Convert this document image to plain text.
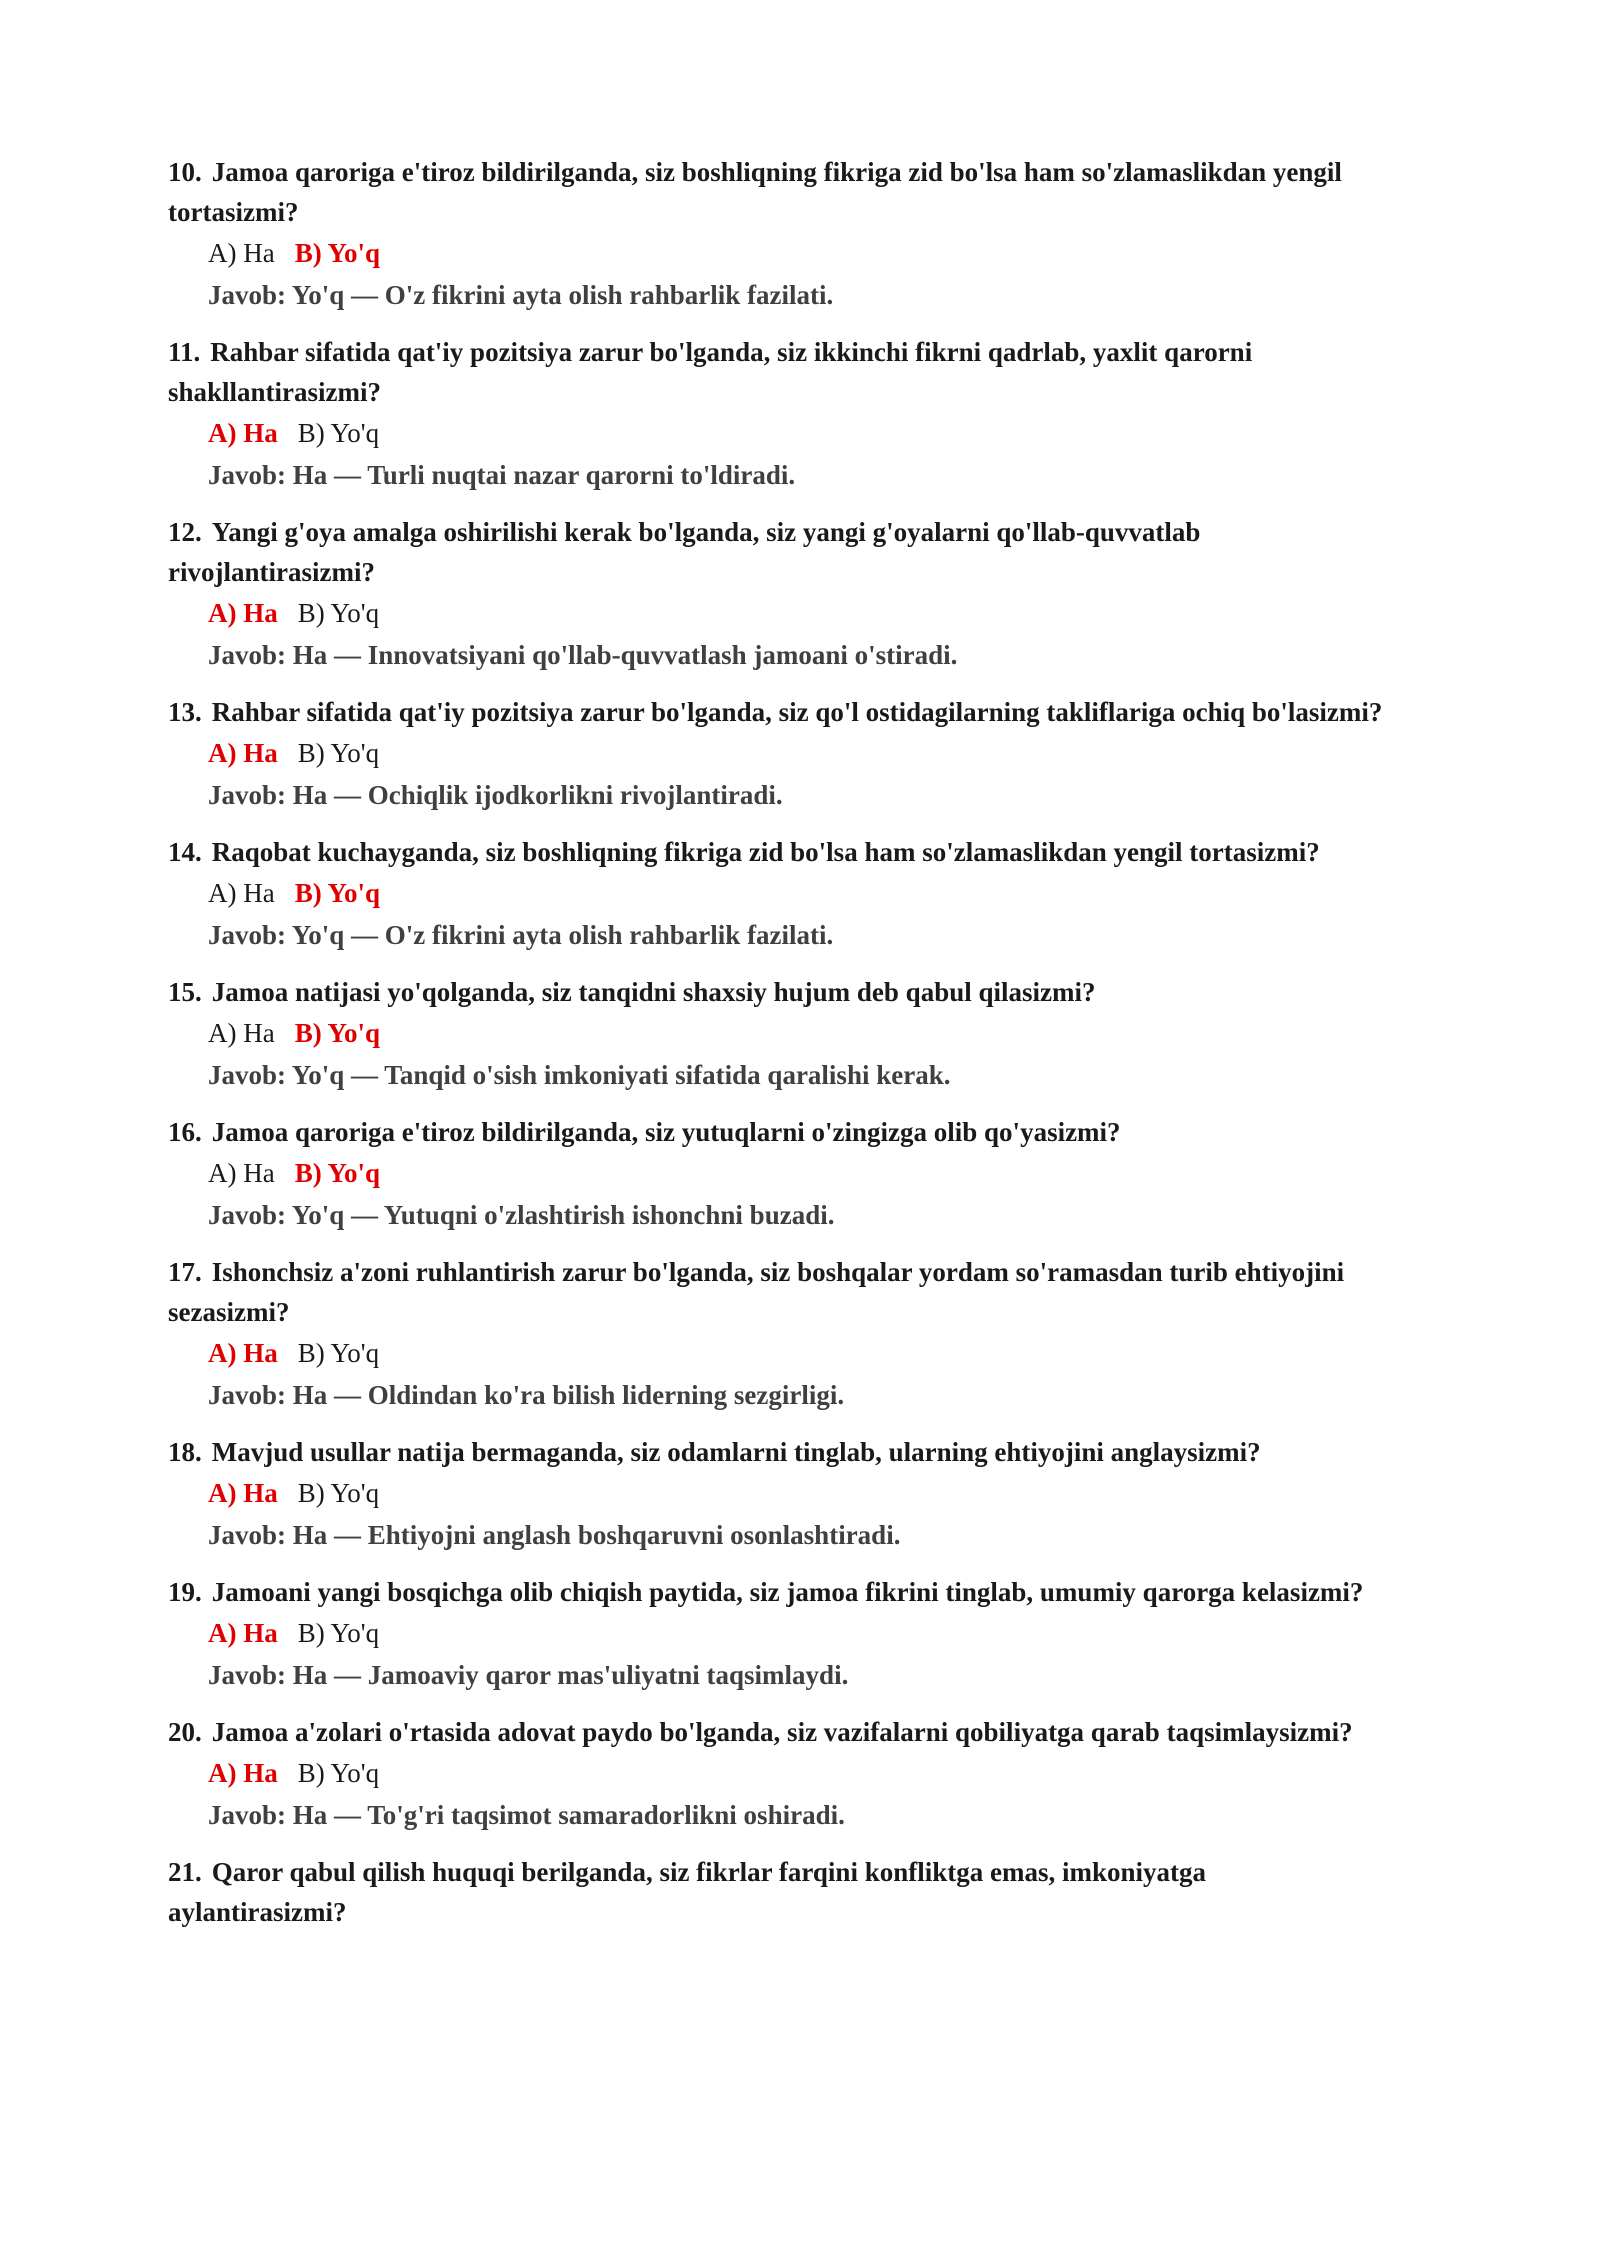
10. Jamoa qaroriga e'tiroz bildirilganda, siz boshliqning fikriga zid bo'lsa ham so'zlamaslikdan yengil tortasizmi?

A) Ha B) Yo'q
Javob: Yo'q — O'z fikrini ayta olish rahbarlik fazilati.

11. Rahbar sifatida qat'iy pozitsiya zarur bo'lganda, siz ikkinchi fikrni qadrlab, yaxlit qarorni shakllantirasizmi?

A) Ha B) Yo'q
Javob: Ha — Turli nuqtai nazar qarorni to'ldiradi.

12. Yangi g'oya amalga oshirilishi kerak bo'lganda, siz yangi g'oyalarni qo'llab-quvvatlab rivojlantirasizmi?

A) Ha B) Yo'q
Javob: Ha — Innovatsiyani qo'llab-quvvatlash jamoani o'stiradi.

13. Rahbar sifatida qat'iy pozitsiya zarur bo'lganda, siz qo'l ostidagilarning takliflariga ochiq bo'lasizmi?

A) Ha B) Yo'q
Javob: Ha — Ochiqlik ijodkorlikni rivojlantiradi.

14. Raqobat kuchayganda, siz boshliqning fikriga zid bo'lsa ham so'zlamaslikdan yengil tortasizmi?

A) Ha B) Yo'q
Javob: Yo'q — O'z fikrini ayta olish rahbarlik fazilati.

15. Jamoa natijasi yo'qolganda, siz tanqidni shaxsiy hujum deb qabul qilasizmi?

A) Ha B) Yo'q
Javob: Yo'q — Tanqid o'sish imkoniyati sifatida qaralishi kerak.

16. Jamoa qaroriga e'tiroz bildirilganda, siz yutuqlarni o'zingizga olib qo'yasizmi?

A) Ha B) Yo'q
Javob: Yo'q — Yutuqni o'zlashtirish ishonchni buzadi.

17. Ishonchsiz a'zoni ruhlantirish zarur bo'lganda, siz boshqalar yordam so'ramasdan turib ehtiyojini sezasizmi?

A) Ha B) Yo'q
Javob: Ha — Oldindan ko'ra bilish liderning sezgirligi.

18. Mavjud usullar natija bermaganda, siz odamlarni tinglab, ularning ehtiyojini anglaysizmi?

A) Ha B) Yo'q
Javob: Ha — Ehtiyojni anglash boshqaruvni osonlashtiradi.

19. Jamoani yangi bosqichga olib chiqish paytida, siz jamoa fikrini tinglab, umumiy qarorga kelasizmi?

A) Ha B) Yo'q
Javob: Ha — Jamoaviy qaror mas'uliyatni taqsimlaydi.

20. Jamoa a'zolari o'rtasida adovat paydo bo'lganda, siz vazifalarni qobiliyatga qarab taqsimlaysizmi?

A) Ha B) Yo'q
Javob: Ha — To'g'ri taqsimot samaradorlikni oshiradi.

21. Qaror qabul qilish huquqi berilganda, siz fikrlar farqini konfliktga emas, imkoniyatga aylantirasizmi?
